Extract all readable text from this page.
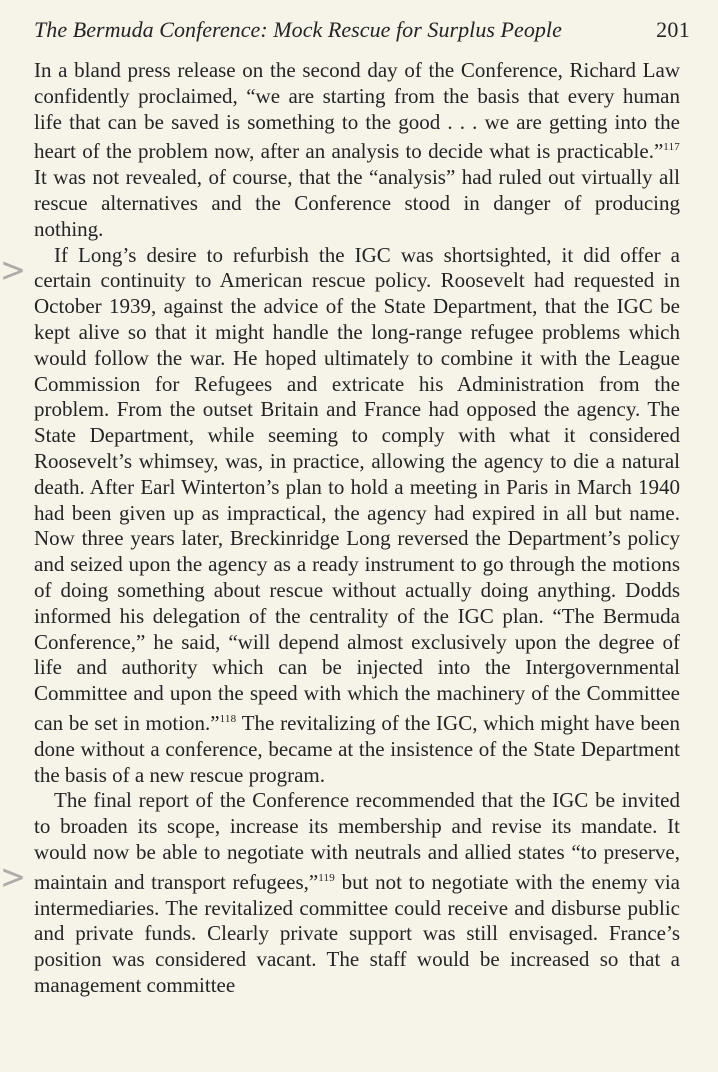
The Bermuda Conference: Mock Rescue for Surplus People	201
<
<

In a bland press release on the second day of the Conference, Richard Law confidently proclaimed, “we are starting from the basis that every human life that can be saved is something to the good . . . we are getting into the heart of the problem now, after an analysis to decide what is practicable.”$^{117}$ It was not revealed, of course, that the “analysis” had ruled out virtually all rescue alternatives and the Conference stood in danger of producing nothing.

If Long’s desire to refurbish the IGC was shortsighted, it did offer a certain continuity to American rescue policy. Roosevelt had requested in October 1939, against the advice of the State Department, that the IGC be kept alive so that it might handle the long-range refugee problems which would follow the war. He hoped ultimately to combine it with the League Commission for Refugees and extricate his Administration from the problem. From the outset Britain and France had opposed the agency. The State Department, while seeming to comply with what it considered Roosevelt’s whimsey, was, in practice, allowing the agency to die a natural death. After Earl Winterton’s plan to hold a meeting in Paris in March 1940 had been given up as impractical, the agency had expired in all but name. Now three years later, Breckinridge Long reversed the Department’s policy and seized upon the agency as a ready instrument to go through the motions of doing something about rescue without actually doing anything. Dodds informed his delegation of the centrality of the IGC plan. “The Bermuda Conference,” he said, “will depend almost exclusively upon the degree of life and authority which can be injected into the Intergovernmental Committee and upon the speed with which the machinery of the Committee can be set in motion.”$^{118}$ The revitalizing of the IGC, which might have been done without a conference, became at the insistence of the State Department the basis of a new rescue program.

The final report of the Conference recommended that the IGC be invited to broaden its scope, increase its membership and revise its mandate. It would now be able to negotiate with neutrals and allied states “to preserve, maintain and transport refugees,”$^{119}$ but not to negotiate with the enemy via intermediaries. The revitalized committee could receive and disburse public and private funds. Clearly private support was still envisaged. France’s position was considered vacant. The staff would be increased so that a management committee
